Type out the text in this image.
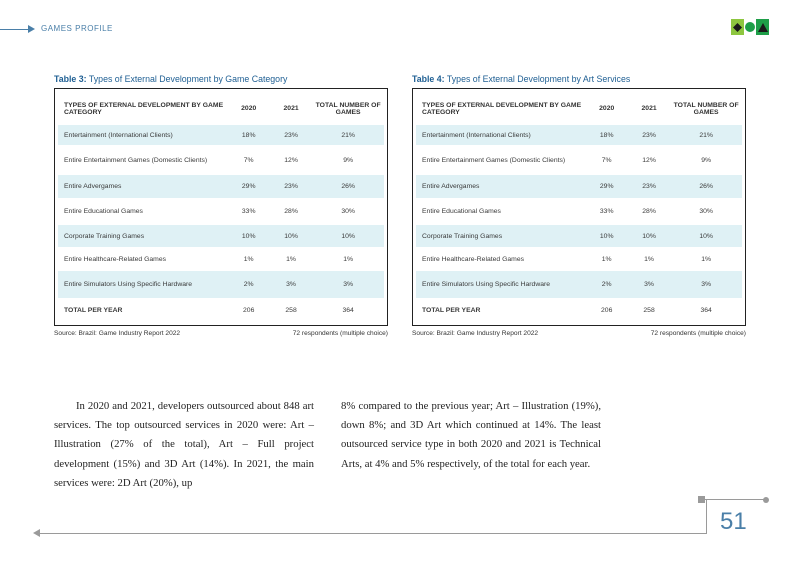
GAMES PROFILE

Table 3: Types of External Development by Game Category

TYPES OF EXTERNAL DEVELOPMENT BY GAME CATEGORY	2020	2021	TOTAL NUMBER OF GAMES
Entertainment (International Clients)	18%	23%	21%
Entire Entertainment Games (Domestic Clients)	7%	12%	9%
Entire Advergames	29%	23%	26%
Entire Educational Games	33%	28%	30%
Corporate Training Games	10%	10%	10%
Entire Healthcare-Related Games	1%	1%	1%
Entire Simulators Using Specific Hardware	2%	3%	3%
TOTAL PER YEAR	206	258	364
Source: Brazil: Game Industry Report 2022	72 respondents (multiple choice)

Table 4: Types of External Development by Art Services

TYPES OF EXTERNAL DEVELOPMENT BY GAME CATEGORY	2020	2021	TOTAL NUMBER OF GAMES
Entertainment (International Clients)	18%	23%	21%
Entire Entertainment Games (Domestic Clients)	7%	12%	9%
Entire Advergames	29%	23%	26%
Entire Educational Games	33%	28%	30%
Corporate Training Games	10%	10%	10%
Entire Healthcare-Related Games	1%	1%	1%
Entire Simulators Using Specific Hardware	2%	3%	3%
TOTAL PER YEAR	206	258	364
Source: Brazil: Game Industry Report 2022	72 respondents (multiple choice)

In 2020 and 2021, developers outsourced about 848 art services. The top outsourced services in 2020 were: Art – Illustration (27% of the total), Art – Full project development (15%) and 3D Art (14%). In 2021, the main services were: 2D Art (20%), up

8% compared to the previous year; Art – Illustration (19%), down 8%; and 3D Art which continued at 14%. The least outsourced service type in both 2020 and 2021 is Technical Arts, at 4% and 5% respectively, of the total for each year.

51
